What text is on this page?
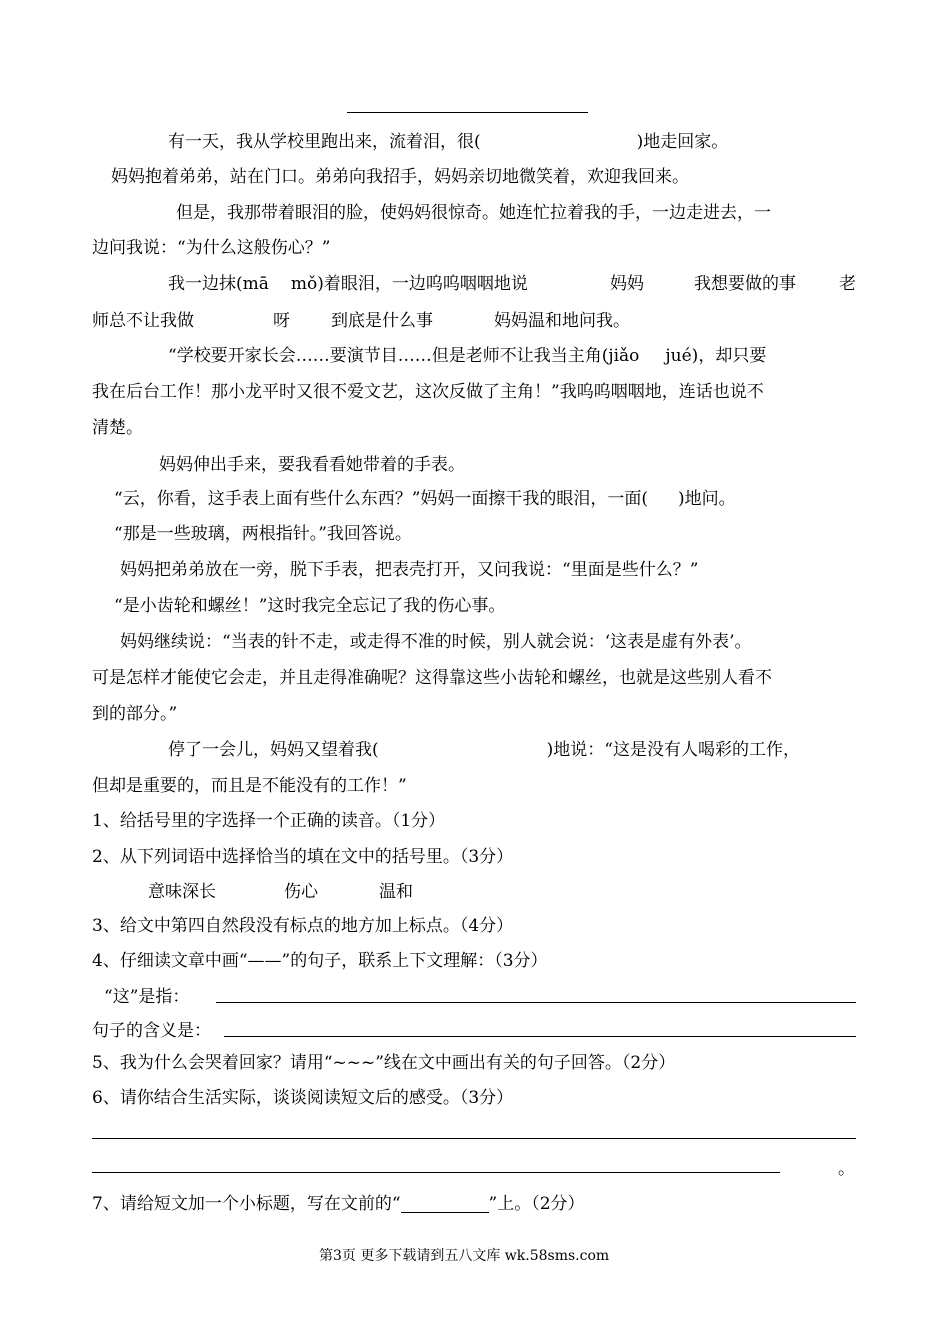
有一天，我从学校里跑出来，流着泪，很(	)地走回家。
妈妈抱着弟弟，站在门口。弟弟向我招手，妈妈亲切地微笑着，欢迎我回来。
但是，我那带着眼泪的脸，使妈妈很惊奇。她连忙拉着我的手，一边走进去，一
边问我说：“为什么这般伤心？”
我一边抹(mā mǒ)着眼泪，一边呜呜咽咽地说	妈妈	我想要做的事	老
师总不让我做	呀 到底是什么事	妈妈温和地问我。
“学校要开家长会……要演节目……但是老师不让我当主角(jiǎo jué)，却只要
我在后台工作！那小龙平时又很不爱文艺，这次反做了主角！”我呜呜咽咽地，连话也说不
清楚。
妈妈伸出手来，要我看看她带着的手表。
“云，你看，这手表上面有些什么东西？”妈妈一面擦干我的眼泪，一面( )地问。
“那是一些玻璃，两根指针。”我回答说。
妈妈把弟弟放在一旁，脱下手表，把表壳打开，又问我说：“里面是些什么？”
“是小齿轮和螺丝！”这时我完全忘记了我的伤心事。
妈妈继续说：“当表的针不走，或走得不准的时候，别人就会说：‘这表是虚有外表’。
可是怎样才能使它会走，并且走得准确呢？这得靠这些小齿轮和螺丝，也就是这些别人看不
到的部分。”
停了一会儿，妈妈又望着我(	)地说：“这是没有人喝彩的工作，
但却是重要的，而且是不能没有的工作！”
1、给括号里的字选择一个正确的读音。（1分）
2、从下列词语中选择恰当的填在文中的括号里。（3分）
意味深长	伤心	温和
3、给文中第四自然段没有标点的地方加上标点。（4分）
4、仔细读文章中画“——”的句子，联系上下文理解：（3分）
“这”是指：
句子的含义是：
5、我为什么会哭着回家？请用“~~~”线在文中画出有关的句子回答。（2分）
6、请你结合生活实际，谈谈阅读短文后的感受。（3分）
。
7、请给短文加一个小标题，写在文前的“	”上。（2分）
第3页 更多下载请到五八文库 wk.58sms.com
